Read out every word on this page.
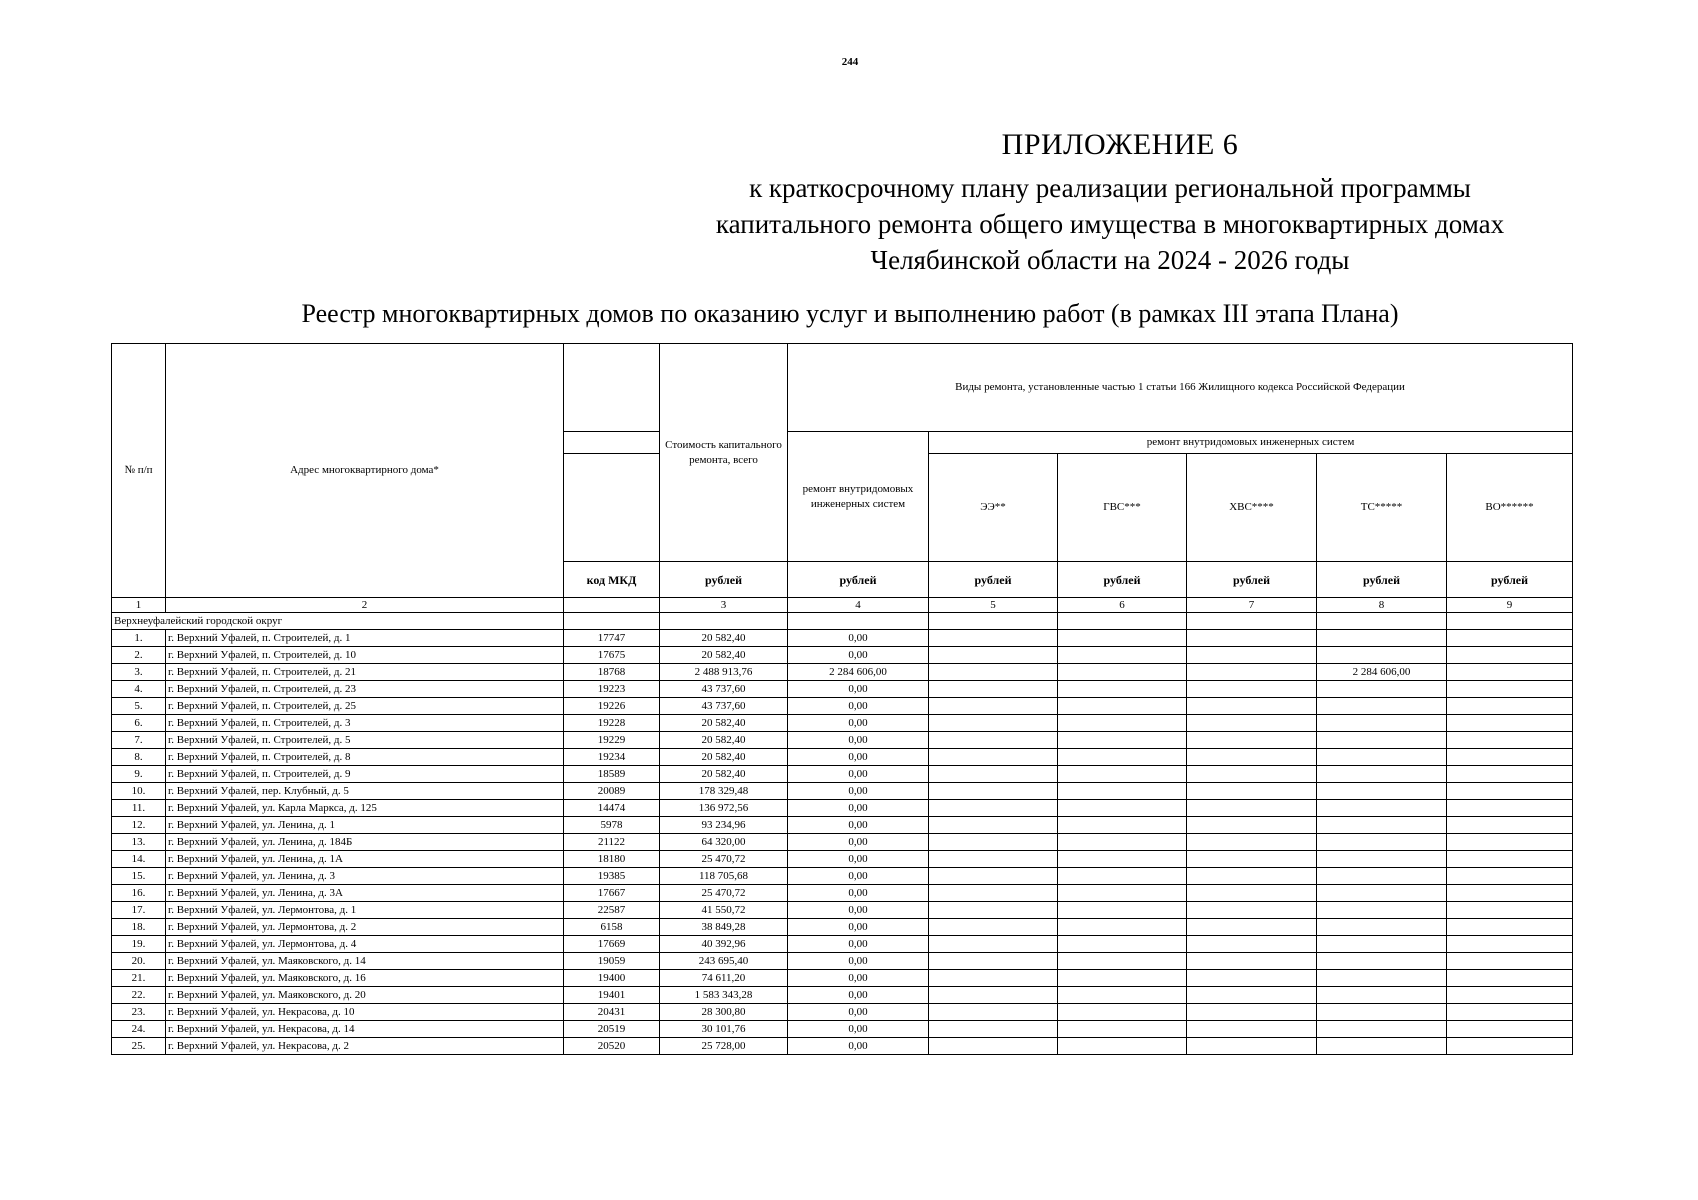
244
ПРИЛОЖЕНИЕ 6
к краткосрочному плану реализации региональной программы
капитального ремонта общего имущества в многоквартирных домах
Челябинской области на 2024 - 2026 годы
Реестр многоквартирных домов по оказанию услуг и выполнению работ (в рамках III этапа Плана)
№ п/п	Адрес многоквартирного дома*		Стоимость капитального ремонта, всего	Виды ремонта, установленные частью 1 статьи 166 Жилищного кодекса Российской Федерации					
				ремонт внутридомовых инженерных систем	ремонт внутридомовых инженерных систем				
					ЭЭ**	ГВС***	ХВС****	ТС*****	ВО******
		код МКД	рублей	рублей	рублей	рублей	рублей	рублей	рублей
1	2		3	4	5	6	7	8	9
Верхнеуфалейский городской округ									
1.	г. Верхний Уфалей, п. Строителей, д. 1	17747	20 582,40	0,00					
2.	г. Верхний Уфалей, п. Строителей, д. 10	17675	20 582,40	0,00					
3.	г. Верхний Уфалей, п. Строителей, д. 21	18768	2 488 913,76	2 284 606,00				2 284 606,00	
4.	г. Верхний Уфалей, п. Строителей, д. 23	19223	43 737,60	0,00					
5.	г. Верхний Уфалей, п. Строителей, д. 25	19226	43 737,60	0,00					
6.	г. Верхний Уфалей, п. Строителей, д. 3	19228	20 582,40	0,00					
7.	г. Верхний Уфалей, п. Строителей, д. 5	19229	20 582,40	0,00					
8.	г. Верхний Уфалей, п. Строителей, д. 8	19234	20 582,40	0,00					
9.	г. Верхний Уфалей, п. Строителей, д. 9	18589	20 582,40	0,00					
10.	г. Верхний Уфалей, пер. Клубный, д. 5	20089	178 329,48	0,00					
11.	г. Верхний Уфалей, ул. Карла Маркса, д. 125	14474	136 972,56	0,00					
12.	г. Верхний Уфалей, ул. Ленина, д. 1	5978	93 234,96	0,00					
13.	г. Верхний Уфалей, ул. Ленина, д. 184Б	21122	64 320,00	0,00					
14.	г. Верхний Уфалей, ул. Ленина, д. 1А	18180	25 470,72	0,00					
15.	г. Верхний Уфалей, ул. Ленина, д. 3	19385	118 705,68	0,00					
16.	г. Верхний Уфалей, ул. Ленина, д. 3А	17667	25 470,72	0,00					
17.	г. Верхний Уфалей, ул. Лермонтова, д. 1	22587	41 550,72	0,00					
18.	г. Верхний Уфалей, ул. Лермонтова, д. 2	6158	38 849,28	0,00					
19.	г. Верхний Уфалей, ул. Лермонтова, д. 4	17669	40 392,96	0,00					
20.	г. Верхний Уфалей, ул. Маяковского, д. 14	19059	243 695,40	0,00					
21.	г. Верхний Уфалей, ул. Маяковского, д. 16	19400	74 611,20	0,00					
22.	г. Верхний Уфалей, ул. Маяковского, д. 20	19401	1 583 343,28	0,00					
23.	г. Верхний Уфалей, ул. Некрасова, д. 10	20431	28 300,80	0,00					
24.	г. Верхний Уфалей, ул. Некрасова, д. 14	20519	30 101,76	0,00					
25.	г. Верхний Уфалей, ул. Некрасова, д. 2	20520	25 728,00	0,00					
